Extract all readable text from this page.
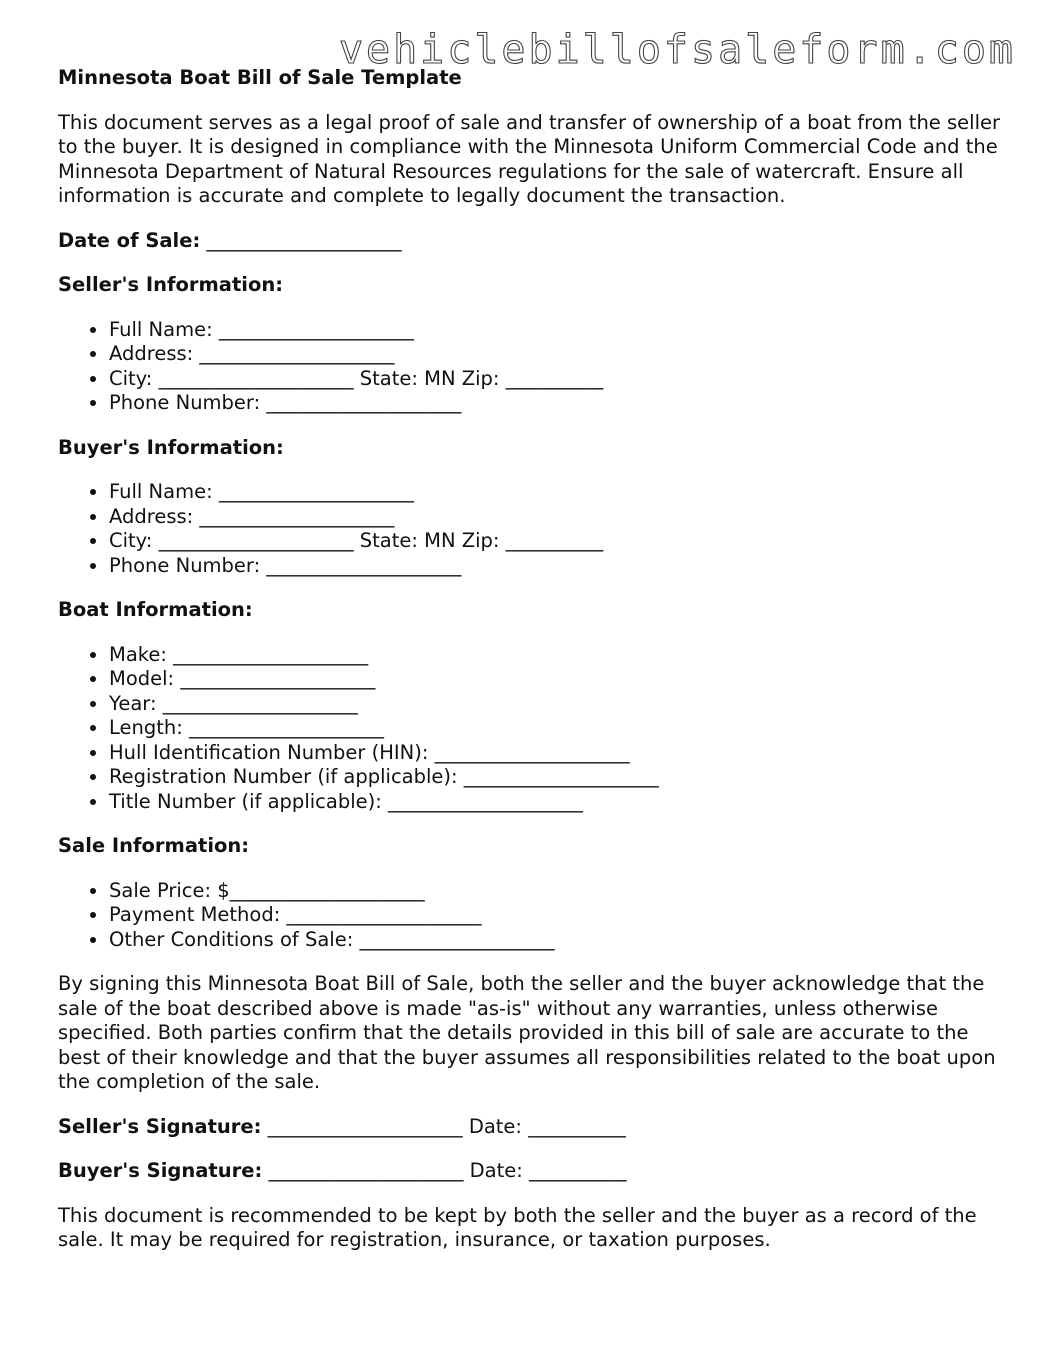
vehiclebillofsaleform.com
Minnesota Boat Bill of Sale Template

This document serves as a legal proof of sale and transfer of ownership of a boat from the seller to the buyer. It is designed in compliance with the Minnesota Uniform Commercial Code and the Minnesota Department of Natural Resources regulations for the sale of watercraft. Ensure all information is accurate and complete to legally document the transaction.

Date of Sale: ____________________

Seller's Information:
• Full Name: ____________________
• Address: ____________________
• City: ____________________ State: MN Zip: __________
• Phone Number: ____________________
Buyer's Information:
• Full Name: ____________________
• Address: ____________________
• City: ____________________ State: MN Zip: __________
• Phone Number: ____________________
Boat Information:
• Make: ____________________
• Model: ____________________
• Year: ____________________
• Length: ____________________
• Hull Identification Number (HIN): ____________________
• Registration Number (if applicable): ____________________
• Title Number (if applicable): ____________________
Sale Information:
• Sale Price: $____________________
• Payment Method: ____________________
• Other Conditions of Sale: ____________________

By signing this Minnesota Boat Bill of Sale, both the seller and the buyer acknowledge that the sale of the boat described above is made "as-is" without any warranties, unless otherwise specified. Both parties confirm that the details provided in this bill of sale are accurate to the best of their knowledge and that the buyer assumes all responsibilities related to the boat upon the completion of the sale.

Seller's Signature: ____________________ Date: __________

Buyer's Signature: ____________________ Date: __________

This document is recommended to be kept by both the seller and the buyer as a record of the sale. It may be required for registration, insurance, or taxation purposes.
